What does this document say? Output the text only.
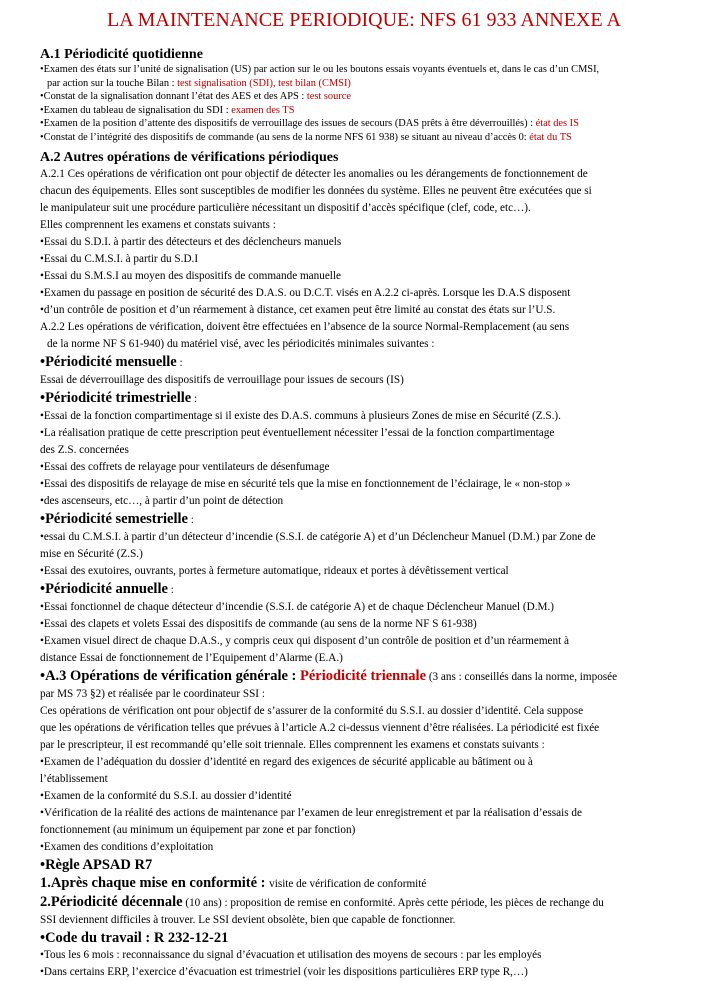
LA MAINTENANCE PERIODIQUE: NFS 61 933 ANNEXE A
A.1 Périodicité quotidienne
• Examen des états sur l’unité de signalisation (US) par action sur le ou les boutons essais voyants éventuels et, dans le cas d’un CMSI,
par action sur la touche Bilan : test signalisation (SDI), test bilan (CMSI)
• Constat de la signalisation donnant l’état des AES et des APS : test source
• Examen du tableau de signalisation du SDI : examen des TS
• Examen de la position d’attente des dispositifs de verrouillage des issues de secours (DAS prêts à être déverrouillés) : état des IS
• Constat de l’intégrité des dispositifs de commande (au sens de la norme NFS 61 938) se situant au niveau d’accès 0: état du TS
A.2 Autres opérations de vérifications périodiques
A.2.1 Ces opérations de vérification ont pour objectif de détecter les anomalies ou les dérangements de fonctionnement de
chacun des équipements. Elles sont susceptibles de modifier les données du système. Elles ne peuvent être exécutées que si
le manipulateur suit une procédure particulière nécessitant un dispositif d’accès spécifique (clef, code, etc…).
Elles comprennent les examens et constats suivants :
• Essai du S.D.I. à partir des détecteurs et des déclencheurs manuels
• Essai du C.M.S.I. à partir du S.D.I
• Essai du S.M.S.I au moyen des dispositifs de commande manuelle
• Examen du passage en position de sécurité des D.A.S. ou D.C.T. visés en A.2.2 ci-après. Lorsque les D.A.S disposent
• d’un contrôle de position et d’un réarmement à distance, cet examen peut être limité au constat des états sur l’U.S.
A.2.2 Les opérations de vérification, doivent être effectuées en l’absence de la source Normal-Remplacement (au sens
de la norme NF S 61-940) du matériel visé, avec les périodicités minimales suivantes :
• Périodicité mensuelle :
Essai de déverrouillage des dispositifs de verrouillage pour issues de secours (IS)
• Périodicité trimestrielle :
• Essai de la fonction compartimentage si il existe des D.A.S. communs à plusieurs Zones de mise en Sécurité (Z.S.).
• La réalisation pratique de cette prescription peut éventuellement nécessiter l’essai de la fonction compartimentage
des Z.S. concernées
• Essai des coffrets de relayage pour ventilateurs de désenfumage
• Essai des dispositifs de relayage de mise en sécurité tels que la mise en fonctionnement de l’éclairage, le « non-stop »
• des ascenseurs, etc…, à partir d’un point de détection
• Périodicité semestrielle :
• essai du C.M.S.I. à partir d’un détecteur d’incendie (S.S.I. de catégorie A) et d’un Déclencheur Manuel (D.M.) par Zone de
mise en Sécurité (Z.S.)
• Essai des exutoires, ouvrants, portes à fermeture automatique, rideaux et portes à dévêtissement vertical
• Périodicité annuelle :
• Essai fonctionnel de chaque détecteur d’incendie (S.S.I. de catégorie A) et de chaque Déclencheur Manuel (D.M.)
• Essai des clapets et volets Essai des dispositifs de commande (au sens de la norme NF S 61-938)
• Examen visuel direct de chaque D.A.S., y compris ceux qui disposent d’un contrôle de position et d’un réarmement à
distance Essai de fonctionnement de l’Equipement d’Alarme (E.A.)
• A.3 Opérations de vérification générale : Périodicité triennale (3 ans : conseillés dans la norme, imposée
par MS 73 §2) et réalisée par le coordinateur SSI :
Ces opérations de vérification ont pour objectif de s’assurer de la conformité du S.S.I. au dossier d’identité. Cela suppose
que les opérations de vérification telles que prévues à l’article A.2 ci-dessus viennent d’être réalisées. La périodicité est fixée
par le prescripteur, il est recommandé qu’elle soit triennale. Elles comprennent les examens et constats suivants :
• Examen de l’adéquation du dossier d’identité en regard des exigences de sécurité applicable au bâtiment ou à
l’établissement
• Examen de la conformité du S.S.I. au dossier d’identité
• Vérification de la réalité des actions de maintenance par l’examen de leur enregistrement et par la réalisation d’essais de
fonctionnement (au minimum un équipement par zone et par fonction)
• Examen des conditions d’exploitation
• Règle APSAD R7
1.Après chaque mise en conformité : visite de vérification de conformité
2.Périodicité décennale (10 ans) : proposition de remise en conformité. Après cette période, les pièces de rechange du
SSI deviennent difficiles à trouver. Le SSI devient obsolète, bien que capable de fonctionner.
• Code du travail : R 232-12-21
• Tous les 6 mois : reconnaissance du signal d’évacuation et utilisation des moyens de secours : par les employés
• Dans certains ERP, l’exercice d’évacuation est trimestriel (voir les dispositions particulières ERP type R,…)
